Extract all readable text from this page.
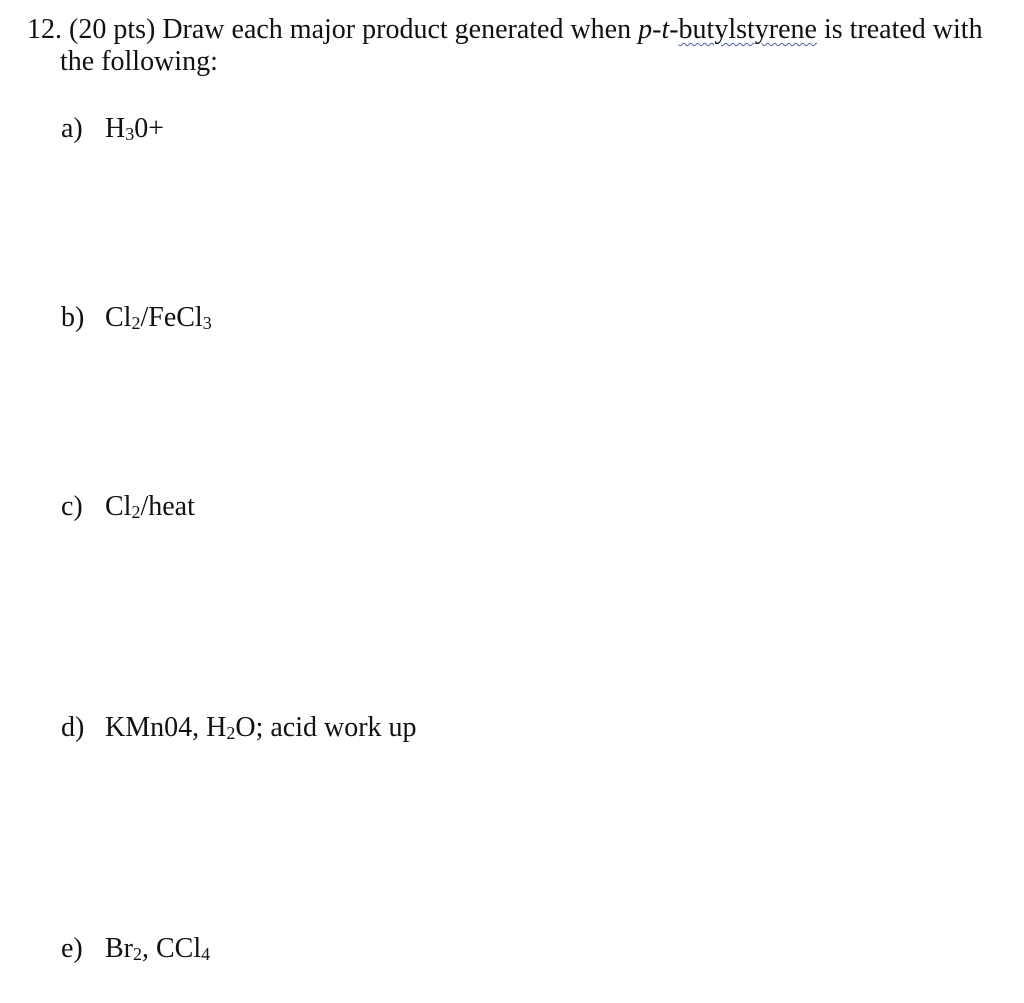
12. (20 pts) Draw each major product generated when p-t-butylstyrene is treated with
the following:
a) $H_30+$
b) $Cl_2/FeCl_3$
c) $Cl_2$/heat
d) KMn04, $H_2O$; acid work up
e) $Br_2$, CCl$_4$
